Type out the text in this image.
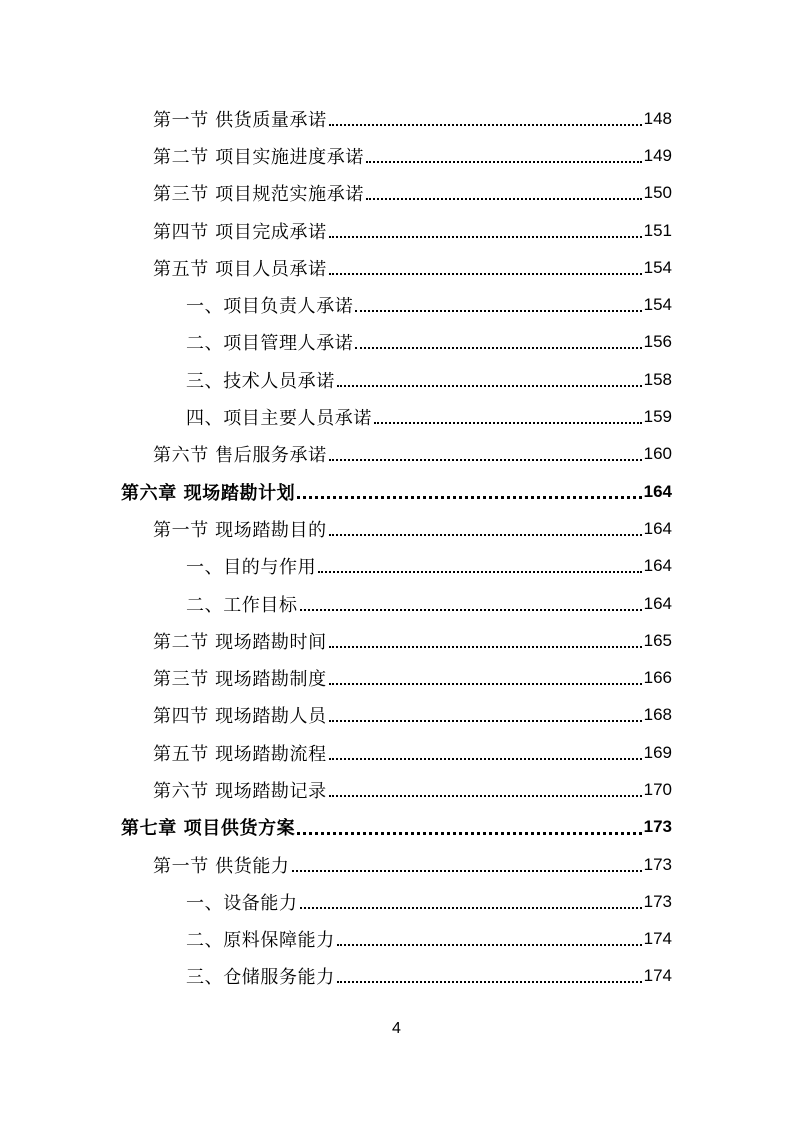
第一节 供货质量承诺	148
第二节 项目实施进度承诺	149
第三节 项目规范实施承诺	150
第四节 项目完成承诺	151
第五节 项目人员承诺	154
一、项目负责人承诺	154
二、项目管理人承诺	156
三、技术人员承诺	158
四、项目主要人员承诺	159
第六节 售后服务承诺	160
第六章 现场踏勘计划	164
第一节 现场踏勘目的	164
一、目的与作用	164
二、工作目标	164
第二节 现场踏勘时间	165
第三节 现场踏勘制度	166
第四节 现场踏勘人员	168
第五节 现场踏勘流程	169
第六节 现场踏勘记录	170
第七章 项目供货方案	173
第一节 供货能力	173
一、设备能力	173
二、原料保障能力	174
三、仓储服务能力	174
4
